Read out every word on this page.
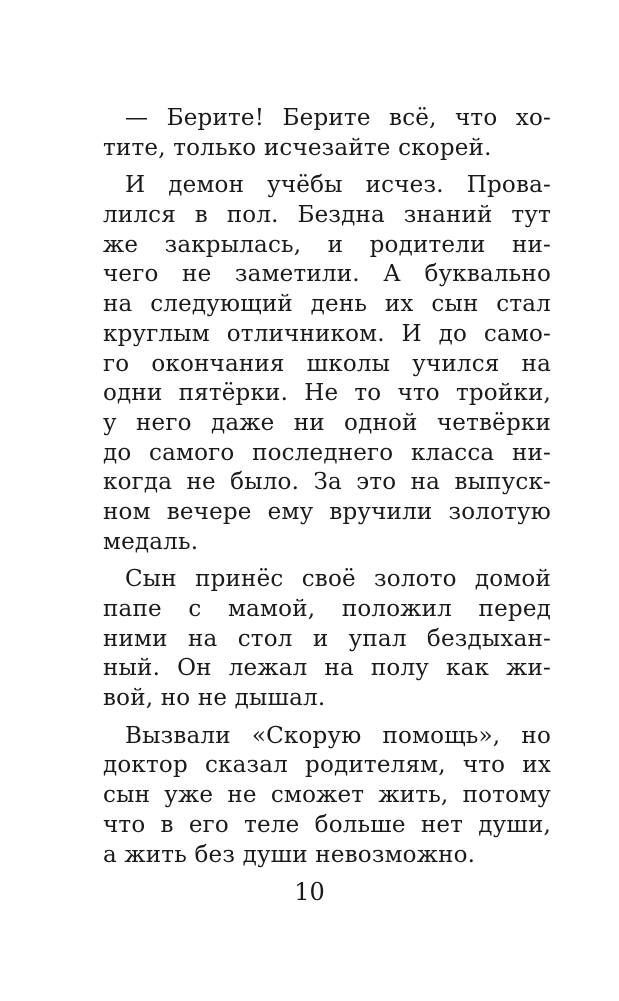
— Берите! Берите всё, что хо-
тите, только исчезайте скорей.
И демон учёбы исчез. Прова-
лился в пол. Бездна знаний тут
же закрылась, и родители ни-
чего не заметили. А буквально
на следующий день их сын стал
круглым отличником. И до само-
го окончания школы учился на
одни пятёрки. Не то что тройки,
у него даже ни одной четвёрки
до самого последнего класса ни-
когда не было. За это на выпуск-
ном вечере ему вручили золотую
медаль.
Сын принёс своё золото домой
папе с мамой, положил перед
ними на стол и упал бездыхан-
ный. Он лежал на полу как жи-
вой, но не дышал.
Вызвали «Скорую помощь», но
доктор сказал родителям, что их
сын уже не сможет жить, потому
что в его теле больше нет души,
а жить без души невозможно.
10
